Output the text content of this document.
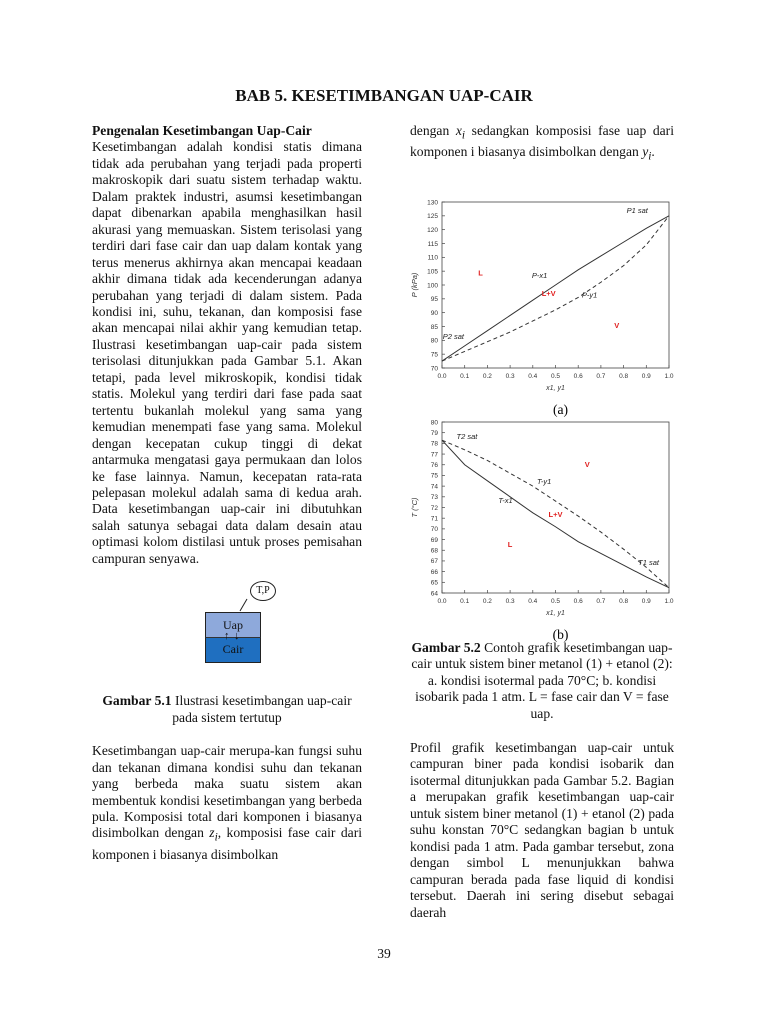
BAB 5. KESETIMBANGAN UAP-CAIR

Pengenalan Kesetimbangan Uap-Cair

Kesetimbangan adalah kondisi statis dimana tidak ada perubahan yang terjadi pada properti makroskopik dari suatu sistem terhadap waktu. Dalam praktek industri, asumsi kesetimbangan dapat dibenarkan apabila menghasilkan hasil akurasi yang memuaskan. Sistem terisolasi yang terdiri dari fase cair dan uap dalam kontak yang terus menerus akhirnya akan mencapai keadaan akhir dimana tidak ada kecenderungan adanya perubahan yang terjadi di dalam sistem. Pada kondisi ini, suhu, tekanan, dan komposisi fase akan mencapai nilai akhir yang kemudian tetap. Ilustrasi kesetimbangan uap-cair pada sistem terisolasi ditunjukkan pada Gambar 5.1. Akan tetapi, pada level mikroskopik, kondisi tidak statis. Molekul yang terdiri dari fase pada saat tertentu bukanlah molekul yang sama yang kemudian menempati fase yang sama. Molekul dengan kecepatan cukup tinggi di dekat antarmuka mengatasi gaya permukaan dan lolos ke fase lainnya. Namun, kecepatan rata-rata pelepasan molekul adalah sama di kedua arah. Data kesetimbangan uap-cair ini dibutuhkan salah satunya sebagai data dalam desain atau optimasi kolom distilasi untuk proses pemisahan campuran senyawa.

T,P
Uap
Cair
↑ ↓

Gambar 5.1 Ilustrasi kesetimbangan uap-cair pada sistem tertutup

Kesetimbangan uap-cair merupa-kan fungsi suhu dan tekanan dimana kondisi suhu dan tekanan yang berbeda maka suatu sistem akan membentuk kondisi kesetimbangan yang berbeda pula. Komposisi total dari komponen i biasanya disimbolkan dengan $z_i$, komposisi fase cair dari komponen i biasanya disimbolkan

dengan $x_i$ sedangkan komposisi fase uap dari komponen i biasanya disimbolkan dengan $y_i$.

0.0 0.1 0.2 0.3 0.4 0.5 0.6 0.7 0.8 0.9 1.0
70
75
80
85
90
95
100
105
110
115
120
125
130
x1, y1
P (kPa)	L
L+V
V
P-x1
P-y1
P1 sat
P2 sat
(a)
0.0 0.1 0.2 0.3 0.4 0.5 0.6 0.7 0.8 0.9 1.0
64
65
66
67
68
69
70
71
72
73
74
75
76
77
78
79
80
x1, y1
T (°C)
V
L+V
L
T-y1
T-x1
T2 sat
T1 sat
(b)
Gambar 5.2 Contoh grafik kesetimbangan uap-cair untuk sistem biner metanol (1) + etanol (2): a. kondisi isotermal pada 70°C; b. kondisi isobarik pada 1 atm. L = fase cair dan V = fase uap.
Profil grafik kesetimbangan uap-cair untuk campuran biner pada kondisi isobarik dan isotermal ditunjukkan pada Gambar 5.2. Bagian a merupakan grafik kesetimbangan uap-cair untuk sistem biner metanol (1) + etanol (2) pada suhu konstan 70°C sedangkan bagian b untuk kondisi pada 1 atm. Pada gambar tersebut, zona dengan simbol L menunjukkan bahwa campuran berada pada fase liquid di kondisi tersebut. Daerah ini sering disebut sebagai daerah
39
